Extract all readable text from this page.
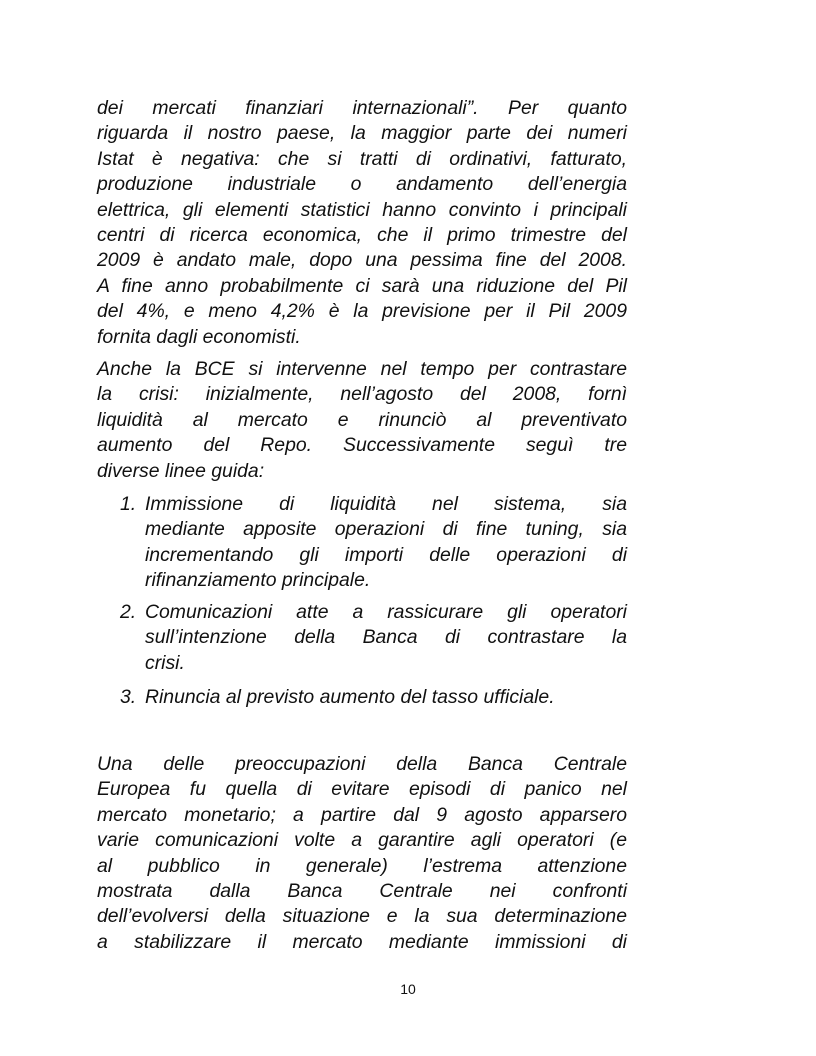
dei mercati finanziari internazionali”. Per quanto
riguarda il nostro paese, la maggior parte dei numeri
Istat è negativa: che si tratti di ordinativi, fatturato,
produzione industriale o andamento dell’energia
elettrica, gli elementi statistici hanno convinto i principali
centri di ricerca economica, che il primo trimestre del
2009 è andato male, dopo una pessima fine del 2008.
A fine anno probabilmente ci sarà una riduzione del Pil
del 4%, e meno 4,2% è la previsione per il Pil 2009
fornita dagli economisti.
Anche la BCE si intervenne nel tempo per contrastare
la crisi: inizialmente, nell’agosto del 2008, fornì
liquidità al mercato e rinunciò al preventivato
aumento del Repo. Successivamente seguì tre
diverse linee guida:
1. Immissione di liquidità nel sistema, sia
mediante apposite operazioni di fine tuning, sia
incrementando gli importi delle operazioni di
rifinanziamento principale.
2. Comunicazioni atte a rassicurare gli operatori
sull’intenzione della Banca di contrastare la
crisi.
3. Rinuncia al previsto aumento del tasso ufficiale.
Una delle preoccupazioni della Banca Centrale
Europea fu quella di evitare episodi di panico nel
mercato monetario; a partire dal 9 agosto apparsero
varie comunicazioni volte a garantire agli operatori (e
al pubblico in generale) l’estrema attenzione
mostrata dalla Banca Centrale nei confronti
dell’evolversi della situazione e la sua determinazione
a stabilizzare il mercato mediante immissioni di
10
